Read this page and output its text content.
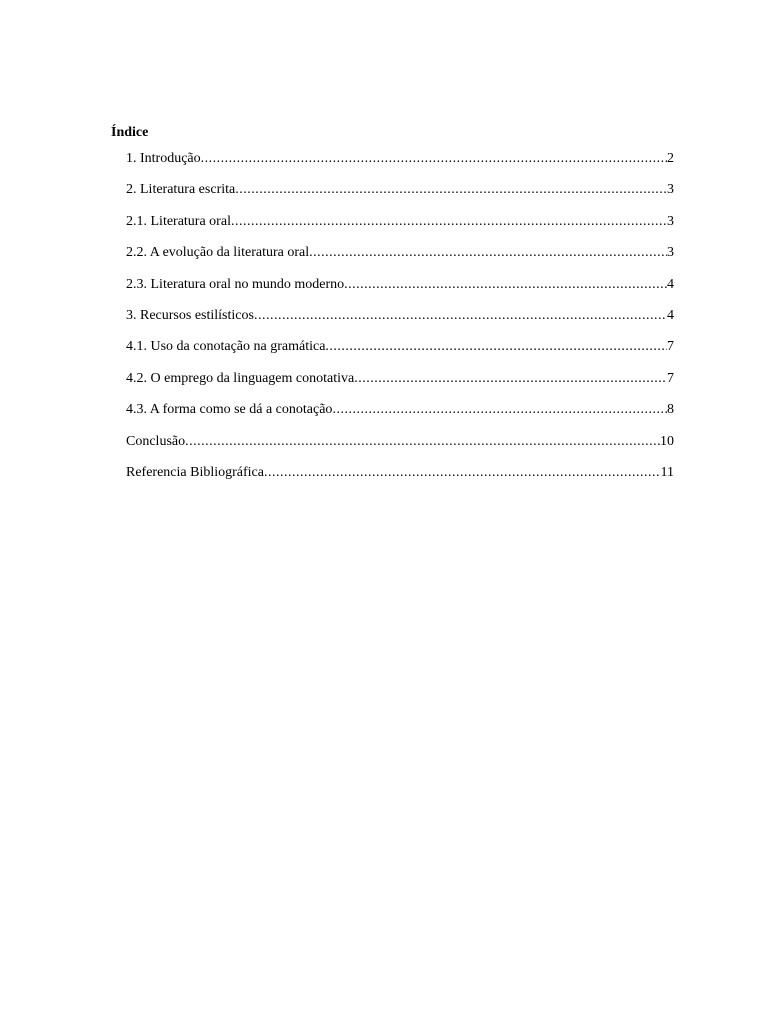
Índice
1. Introdução .....	2
2. Literatura escrita .....	3
2.1. Literatura oral .....	3
2.2. A evolução da literatura oral .....	3
2.3. Literatura oral no mundo moderno .....	4
3. Recursos estilísticos .....	4
4.1. Uso da conotação na gramática .....	7
4.2. O emprego da linguagem conotativa .....	7
4.3. A forma como se dá a conotação .....	8
Conclusão .....	10
Referencia Bibliográfica .....	11
